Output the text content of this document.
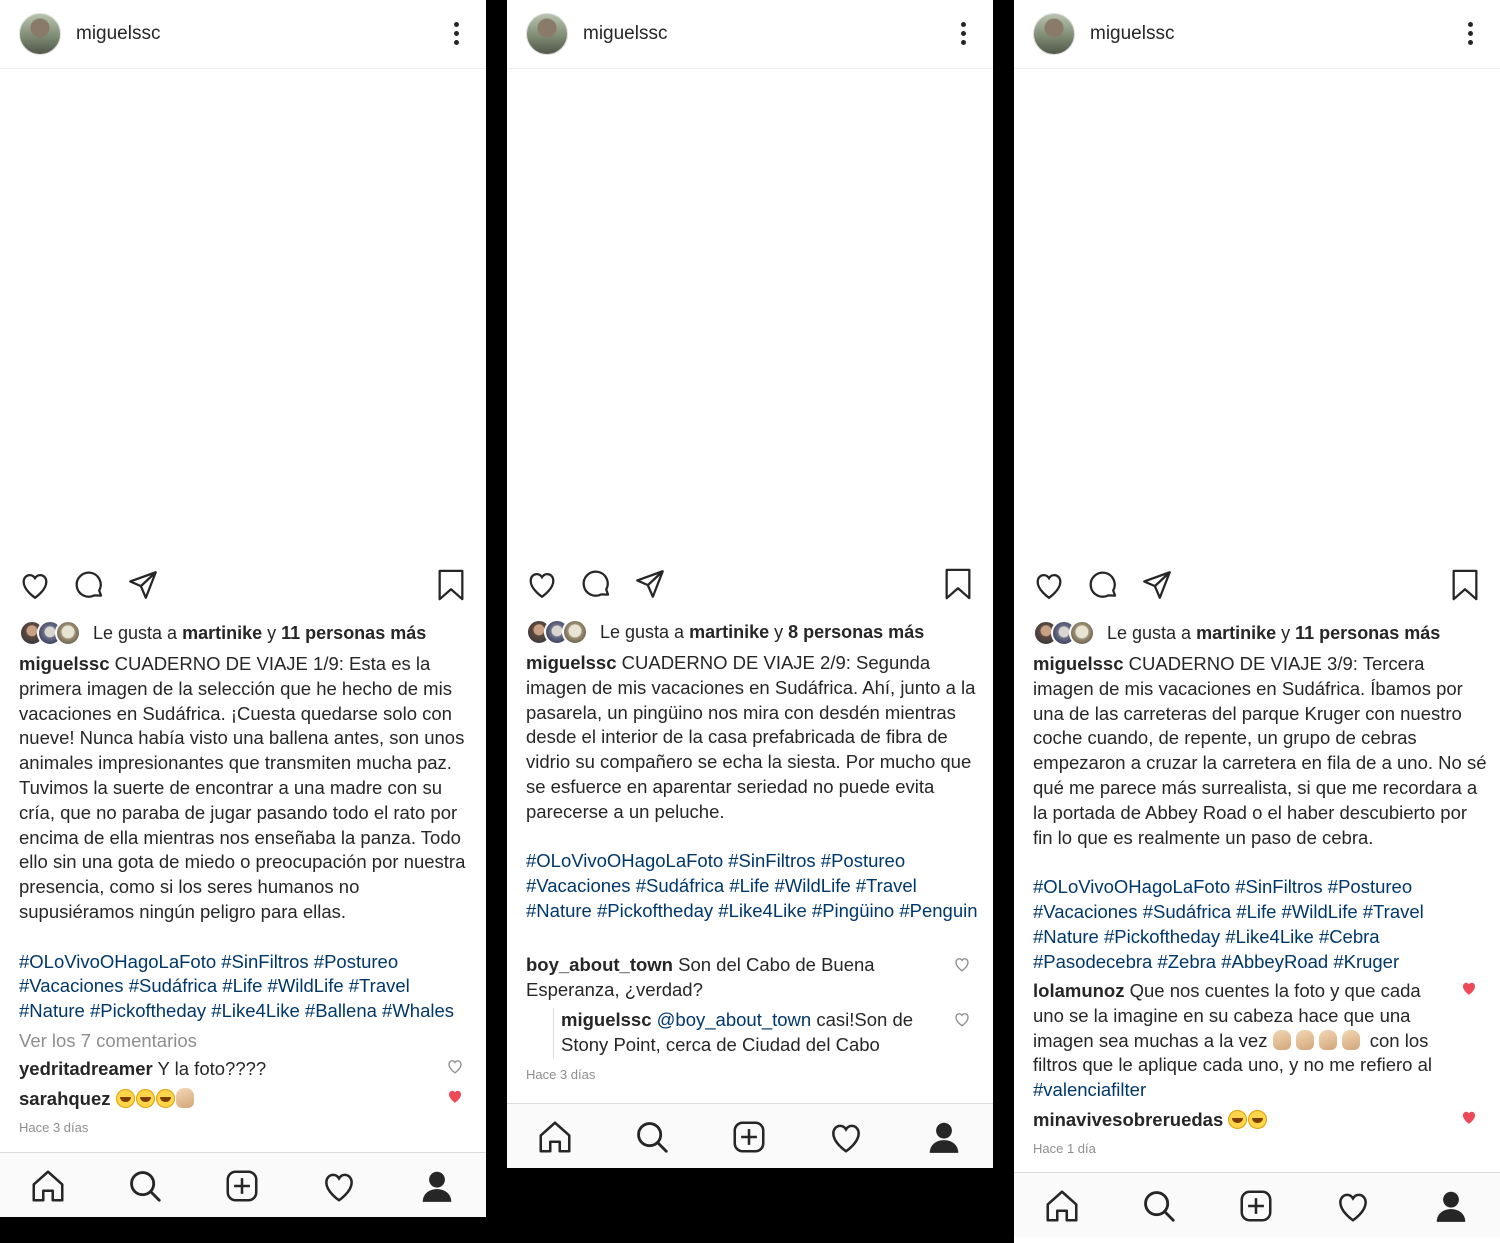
miguelssc
Le gusta a martinike y 11 personas más
miguelssc CUADERNO DE VIAJE 1/9: Esta es la primera imagen de la selección que he hecho de mis vacaciones en Sudáfrica. ¡Cuesta quedarse solo con nueve! Nunca había visto una ballena antes, son unos animales impresionantes que transmiten mucha paz. Tuvimos la suerte de encontrar a una madre con su cría, que no paraba de jugar pasando todo el rato por encima de ella mientras nos enseñaba la panza. Todo ello sin una gota de miedo o preocupación por nuestra presencia, como si los seres humanos no supusiéramos ningún peligro para ellas.
#OLoVivoOHagoLaFoto #SinFiltros #Postureo #Vacaciones #Sudáfrica #Life #WildLife #Travel #Nature #Pickoftheday #Like4Like #Ballena #Whales
Ver los 7 comentarios
yedritadreamer Y la foto????
sarahquez
Hace 3 días
miguelssc
Le gusta a martinike y 8 personas más
miguelssc CUADERNO DE VIAJE 2/9: Segunda imagen de mis vacaciones en Sudáfrica. Ahí, junto a la pasarela, un pingüino nos mira con desdén mientras desde el interior de la casa prefabricada de fibra de vidrio su compañero se echa la siesta. Por mucho que se esfuerce en aparentar seriedad no puede evita parecerse a un peluche.
#OLoVivoOHagoLaFoto #SinFiltros #Postureo #Vacaciones #Sudáfrica #Life #WildLife #Travel #Nature #Pickoftheday #Like4Like #Pingüino #Penguin
boy_about_town Son del Cabo de Buena Esperanza, ¿verdad?
miguelssc @boy_about_town casi!Son de Stony Point, cerca de Ciudad del Cabo
Hace 3 días
miguelssc
Le gusta a martinike y 11 personas más
miguelssc CUADERNO DE VIAJE 3/9: Tercera imagen de mis vacaciones en Sudáfrica. Íbamos por una de las carreteras del parque Kruger con nuestro coche cuando, de repente, un grupo de cebras empezaron a cruzar la carretera en fila de a uno. No sé qué me parece más surrealista, si que me recordara a la portada de Abbey Road o el haber descubierto por fin lo que es realmente un paso de cebra.
#OLoVivoOHagoLaFoto #SinFiltros #Postureo #Vacaciones #Sudáfrica #Life #WildLife #Travel #Nature #Pickoftheday #Like4Like #Cebra #Pasodecebra #Zebra #AbbeyRoad #Kruger
lolamunoz Que nos cuentes la foto y que cada uno se la imagine en su cabeza hace que una imagen sea muchas a la vez	con los filtros que le aplique cada uno, y no me refiero al #valenciafilter
minavivesobreruedas
Hace 1 día
